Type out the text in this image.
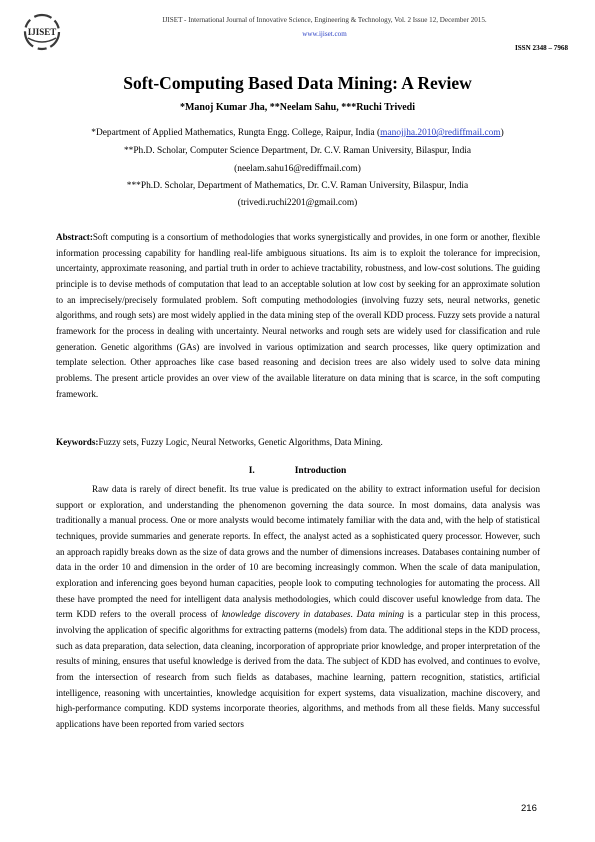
IJISET
IJISET - International Journal of Innovative Science, Engineering & Technology, Vol. 2 Issue 12, December 2015.
www.ijiset.com
ISSN 2348 – 7968
Soft-Computing Based Data Mining: A Review
*Manoj Kumar Jha, **Neelam Sahu, ***Ruchi Trivedi
*Department of Applied Mathematics, Rungta Engg. College, Raipur, India (manojjha.2010@rediffmail.com)
**Ph.D. Scholar, Computer Science Department, Dr. C.V. Raman University, Bilaspur, India
(neelam.sahu16@rediffmail.com)
***Ph.D. Scholar, Department of Mathematics, Dr. C.V. Raman University, Bilaspur, India
(trivedi.ruchi2201@gmail.com)

Abstract:Soft computing is a consortium of methodologies that works synergistically and provides, in one form or another, flexible information processing capability for handling real-life ambiguous situations. Its aim is to exploit the tolerance for imprecision, uncertainty, approximate reasoning, and partial truth in order to achieve tractability, robustness, and low-cost solutions. The guiding principle is to devise methods of computation that lead to an acceptable solution at low cost by seeking for an approximate solution to an imprecisely/precisely formulated problem. Soft computing methodologies (involving fuzzy sets, neural networks, genetic algorithms, and rough sets) are most widely applied in the data mining step of the overall KDD process. Fuzzy sets provide a natural framework for the process in dealing with uncertainty. Neural networks and rough sets are widely used for classification and rule generation. Genetic algorithms (GAs) are involved in various optimization and search processes, like query optimization and template selection. Other approaches like case based reasoning and decision trees are also widely used to solve data mining problems. The present article provides an over view of the available literature on data mining that is scarce, in the soft computing framework.

Keywords:Fuzzy sets, Fuzzy Logic, Neural Networks, Genetic Algorithms, Data Mining.

I.	Introduction

Raw data is rarely of direct benefit. Its true value is predicated on the ability to extract information useful for decision support or exploration, and understanding the phenomenon governing the data source. In most domains, data analysis was traditionally a manual process. One or more analysts would become intimately familiar with the data and, with the help of statistical techniques, provide summaries and generate reports. In effect, the analyst acted as a sophisticated query processor. However, such an approach rapidly breaks down as the size of data grows and the number of dimensions increases. Databases containing number of data in the order 10 and dimension in the order of 10 are becoming increasingly common. When the scale of data manipulation, exploration and inferencing goes beyond human capacities, people look to computing technologies for automating the process. All these have prompted the need for intelligent data analysis methodologies, which could discover useful knowledge from data. The term KDD refers to the overall process of knowledge discovery in databases. Data mining is a particular step in this process, involving the application of specific algorithms for extracting patterns (models) from data. The additional steps in the KDD process, such as data preparation, data selection, data cleaning, incorporation of appropriate prior knowledge, and proper interpretation of the results of mining, ensures that useful knowledge is derived from the data. The subject of KDD has evolved, and continues to evolve, from the intersection of research from such fields as databases, machine learning, pattern recognition, statistics, artificial intelligence, reasoning with uncertainties, knowledge acquisition for expert systems, data visualization, machine discovery, and high-performance computing. KDD systems incorporate theories, algorithms, and methods from all these fields. Many successful applications have been reported from varied sectors

216
